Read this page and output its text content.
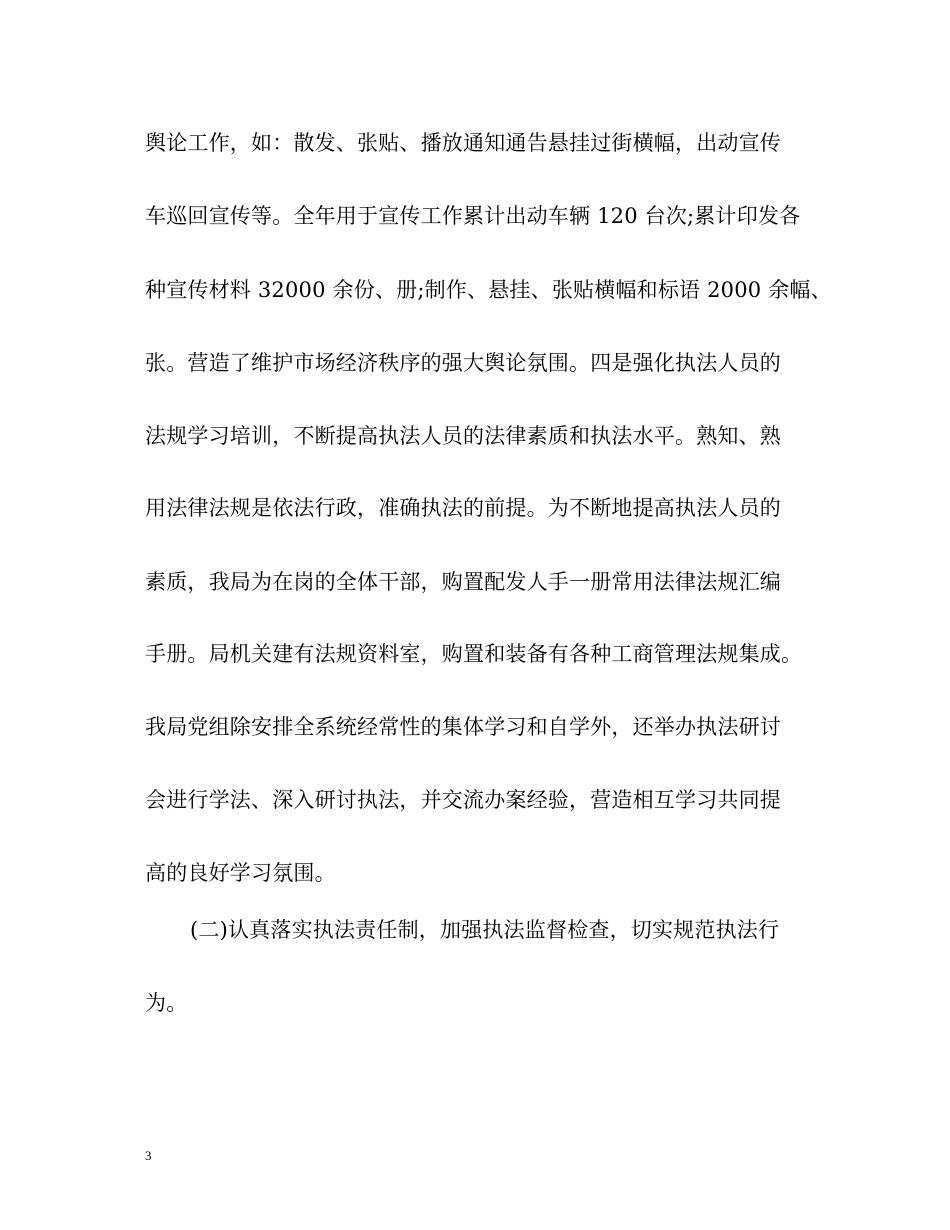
舆论工作，如：散发、张贴、播放通知通告悬挂过街横幅，出动宣传
车巡回宣传等。全年用于宣传工作累计出动车辆 120 台次;累计印发各
种宣传材料 32000 余份、册;制作、悬挂、张贴横幅和标语 2000 余幅、
张。营造了维护市场经济秩序的强大舆论氛围。四是强化执法人员的
法规学习培训，不断提高执法人员的法律素质和执法水平。熟知、熟
用法律法规是依法行政，准确执法的前提。为不断地提高执法人员的
素质，我局为在岗的全体干部，购置配发人手一册常用法律法规汇编
手册。局机关建有法规资料室，购置和装备有各种工商管理法规集成。
我局党组除安排全系统经常性的集体学习和自学外，还举办执法研讨
会进行学法、深入研讨执法，并交流办案经验，营造相互学习共同提
高的良好学习氛围。
(二)认真落实执法责任制，加强执法监督检查，切实规范执法行
为。
3
